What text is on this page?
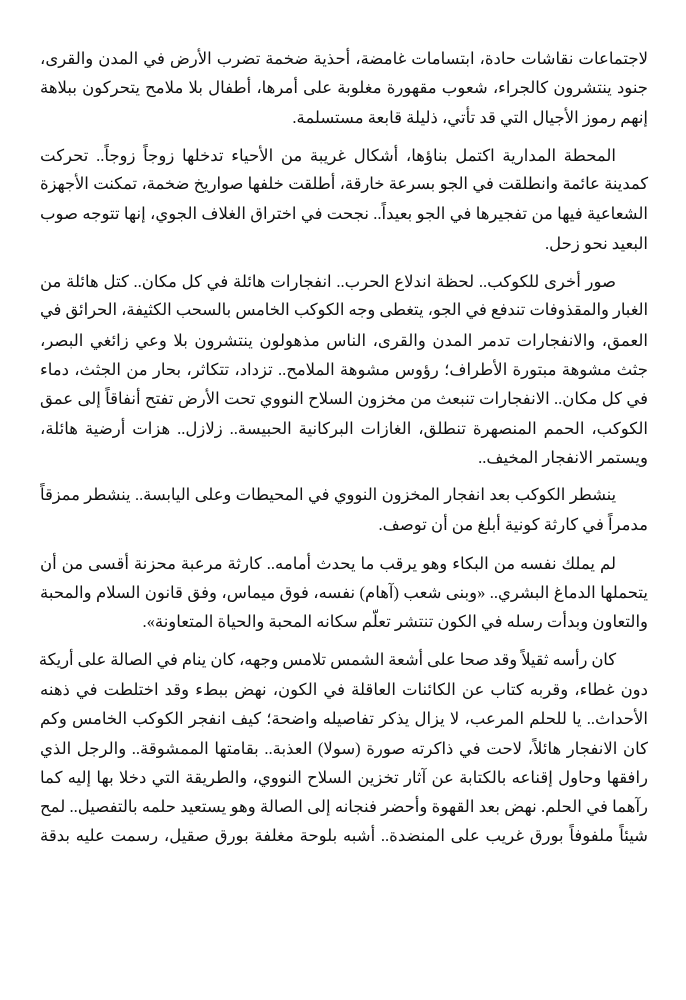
لاجتماعات نقاشات حادة، ابتسامات غامضة، أحذية ضخمة تضرب الأرض في المدن والقرى،
جنود ينتشرون كالجراء، شعوب مقهورة مغلوبة على أمرها، أطفال بلا ملامح يتحركون ببلاهة
إنهم رموز الأجيال التي قد تأتي، ذليلة قابعة مستسلمة.
المحطة المدارية اكتمل بناؤها، أشكال غريبة من الأحياء تدخلها زوجاً زوجاً.. تحركت
كمدينة عائمة وانطلقت في الجو بسرعة خارقة، أطلقت خلفها صواريخ ضخمة، تمكنت الأجهزة
الشعاعية فيها من تفجيرها في الجو بعيداً.. نجحت في اختراق الغلاف الجوي، إنها تتوجه صوب
البعيد نحو زحل.
صور أخرى للكوكب.. لحظة اندلاع الحرب.. انفجارات هائلة في كل مكان.. كتل هائلة من
الغبار والمقذوفات تندفع في الجو، يتغطى وجه الكوكب الخامس بالسحب الكثيفة، الحرائق في
العمق، والانفجارات تدمر المدن والقرى، الناس مذهولون ينتشرون بلا وعي زائغي البصر،
جثث مشوهة مبتورة الأطراف؛ رؤوس مشوهة الملامح.. تزداد، تتكاثر، بحار من الجثث، دماء
في كل مكان.. الانفجارات تنبعث من مخزون السلاح النووي تحت الأرض تفتح أنفاقاً إلى عمق
الكوكب، الحمم المنصهرة تنطلق، الغازات البركانية الحبيسة.. زلازل.. هزات أرضية هائلة،
ويستمر الانفجار المخيف..
ينشطر الكوكب بعد انفجار المخزون النووي في المحيطات وعلى اليابسة.. ينشطر ممزقاً
مدمراً في كارثة كونية أبلغ من أن توصف.
لم يملك نفسه من البكاء وهو يرقب ما يحدث أمامه.. كارثة مرعبة محزنة أقسى من أن
يتحملها الدماغ البشري.. «وبنى شعب (آهام) نفسه، فوق ميماس، وفق قانون السلام والمحبة
والتعاون وبدأت رسله في الكون تنتشر تعلّم سكانه المحبة والحياة المتعاونة».
كان رأسه ثقيلاً وقد صحا على أشعة الشمس تلامس وجهه، كان ينام في الصالة على أريكة
دون غطاء، وقربه كتاب عن الكائنات العاقلة في الكون، نهض ببطء وقد اختلطت في ذهنه
الأحداث.. يا للحلم المرعب، لا يزال يذكر تفاصيله واضحة؛ كيف انفجر الكوكب الخامس وكم
كان الانفجار هائلاً، لاحت في ذاكرته صورة (سولا) العذبة.. بقامتها الممشوقة.. والرجل الذي
رافقها وحاول إقناعه بالكتابة عن آثار تخزين السلاح النووي، والطريقة التي دخلا بها إليه كما
رآهما في الحلم. نهض بعد القهوة وأحضر فنجانه إلى الصالة وهو يستعيد حلمه بالتفصيل.. لمح
شيئاً ملفوفاً بورق غريب على المنضدة.. أشبه بلوحة مغلفة بورق صقيل، رسمت عليه بدقة
